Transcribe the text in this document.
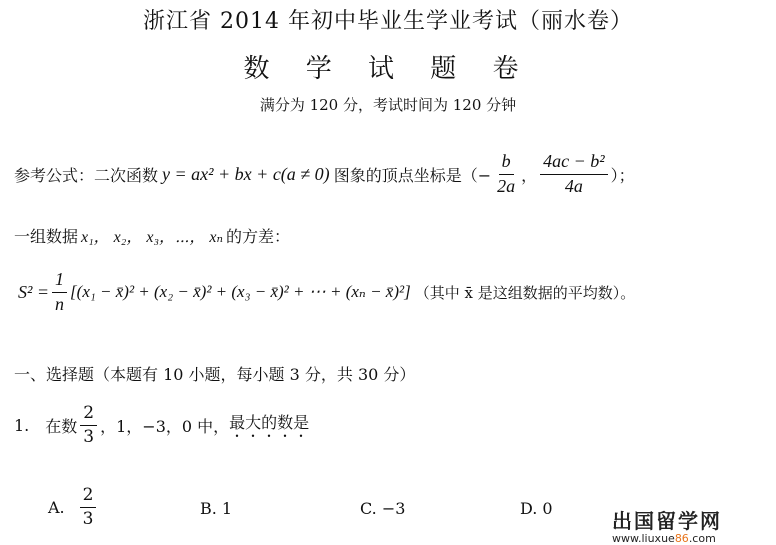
浙江省 2014 年初中毕业生学业考试（丽水卷）
数 学 试 题 卷
满分为 120 分，考试时间为 120 分钟
参考公式：二次函数 y = ax² + bx + c(a ≠ 0) 图象的顶点坐标是（− $\frac{b}{2a}$ ， $\frac{\text{4ac − b²}}{4a}$ ）；
一组数据 x₁， x₂， x₃，⋯， xₙ 的方差：
$S^2 = \frac{1}{n} [(x_1$ − x̄)² + (x₂ − x̄)² + (x₃ − x̄)² + ⋯ + (xₙ − x̄)²] （其中 x̄ 是这组数据的平均数）。
一、选择题（本题有 10 小题，每小题 3 分，共 30 分）
1. 在数 $\frac{2}{3}$ ，1，−3，0 中， 最大的数是
A. $\frac{2}{3}$	B. 1	C. −3	D. 0
出国留学网
www.liuxue86.com
